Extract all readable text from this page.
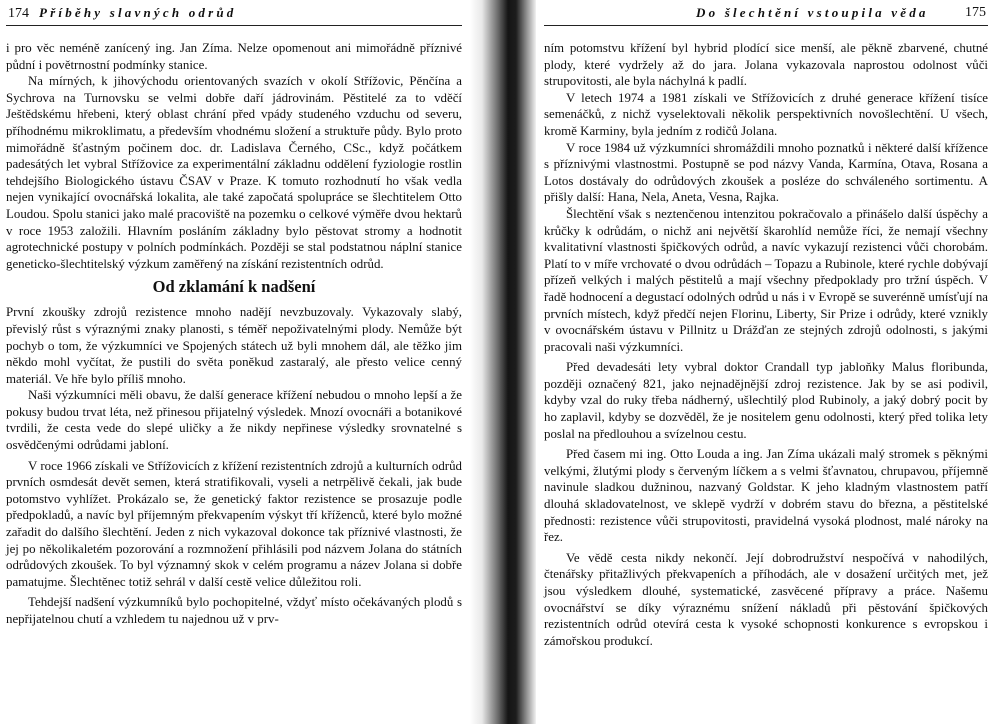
174 Příběhy slavných odrůd

i pro věc neméně zanícený ing. Jan Zíma. Nelze opomenout ani mimořádně příznivé půdní i povětrnostní podmínky stanice.

Na mírných, k jihovýchodu orientovaných svazích v okolí Střížovic, Pěnčína a Sychrova na Turnovsku se velmi dobře daří jádrovinám. Pěstitelé za to vděčí Ještědskému hřebeni, který oblast chrání před vpády studeného vzduchu od severu, příhodnému mikroklimatu, a především vhodnému složení a struktuře půdy. Bylo proto mimořádně šťastným počinem doc. dr. Ladislava Černého, CSc., když počátkem padesátých let vybral Střížovice za experimentální základnu oddělení fyziologie rostlin tehdejšího Biologického ústavu ČSAV v Praze. K tomuto rozhodnutí ho však vedla nejen vynikající ovocnářská lokalita, ale také započatá spolupráce se šlechtitelem Otto Loudou. Spolu stanici jako malé pracoviště na pozemku o celkové výměře dvou hektarů v roce 1953 založili. Hlavním posláním základny bylo pěstovat stromy a hodnotit agrotechnické postupy v polních podmínkách. Později se stal podstatnou náplní stanice geneticko-šlechtitelský výzkum zaměřený na získání rezistentních odrůd.

Od zklamání k nadšení

První zkoušky zdrojů rezistence mnoho nadějí nevzbuzovaly. Vykazovaly slabý, převislý růst s výraznými znaky planosti, s téměř nepoživatelnými plody. Nemůže být pochyb o tom, že výzkumníci ve Spojených státech už byli mnohem dál, ale těžko jim někdo mohl vyčítat, že pustili do světa poněkud zastaralý, ale přesto velice cenný materiál. Ve hře bylo příliš mnoho.

Naši výzkumníci měli obavu, že další generace křížení nebudou o mnoho lepší a že pokusy budou trvat léta, než přinesou přijatelný výsledek. Mnozí ovocnáři a botanikové tvrdili, že cesta vede do slepé uličky a že nikdy nepřinese výsledky srovnatelné s osvědčenými odrůdami jabloní.

V roce 1966 získali ve Střížovicích z křížení rezistentních zdrojů a kulturních odrůd prvních osmdesát devět semen, která stratifikovali, vyseli a netrpělivě čekali, jak bude potomstvo vyhlížet. Prokázalo se, že genetický faktor rezistence se prosazuje podle předpokladů, a navíc byl příjemným překvapením výskyt tří kříženců, které bylo možné zařadit do dalšího šlechtění. Jeden z nich vykazoval dokonce tak příznivé vlastnosti, že jej po několikaletém pozorování a rozmnožení přihlásili pod názvem Jolana do státních odrůdových zkoušek. To byl významný skok v celém programu a název Jolana si dobře pamatujme. Šlechtěnec totiž sehrál v další cestě velice důležitou roli.

Tehdejší nadšení výzkumníků bylo pochopitelné, vždyť místo očekávaných plodů s nepřijatelnou chutí a vzhledem tu najednou už v prv-

Do šlechtění vstoupila věda	175

ním potomstvu křížení byl hybrid plodící sice menší, ale pěkně zbarvené, chutné plody, které vydržely až do jara. Jolana vykazovala naprostou odolnost vůči strupovitosti, ale byla náchylná k padlí.

V letech 1974 a 1981 získali ve Střížovicích z druhé generace křížení tisíce semenáčků, z nichž vyselektovali několik perspektivních novošlechtění. U všech, kromě Karminy, byla jedním z rodičů Jolana.

V roce 1984 už výzkumníci shromáždili mnoho poznatků i některé další křížence s příznivými vlastnostmi. Postupně se pod názvy Vanda, Karmína, Otava, Rosana a Lotos dostávaly do odrůdových zkoušek a posléze do schváleného sortimentu. A přišly další: Hana, Nela, Aneta, Vesna, Rajka.

Šlechtění však s neztenčenou intenzitou pokračovalo a přinášelo další úspěchy a krůčky k odrůdám, o nichž ani největší škarohlíd nemůže říci, že nemají všechny kvalitativní vlastnosti špičkových odrůd, a navíc vykazují rezistenci vůči chorobám. Platí to v míře vrchovaté o dvou odrůdách – Topazu a Rubinole, které rychle dobývají přízeň velkých i malých pěstitelů a mají všechny předpoklady pro tržní úspěch. V řadě hodnocení a degustací odolných odrůd u nás i v Evropě se suverénně umísťují na prvních místech, když předčí nejen Florinu, Liberty, Sir Prize i odrůdy, které vznikly v ovocnářském ústavu v Pillnitz u Drážďan ze stejných zdrojů odolnosti, s jakými pracovali naši výzkumníci.

Před devadesáti lety vybral doktor Crandall typ jabloňky Malus floribunda, později označený 821, jako nejnadějnější zdroj rezistence. Jak by se asi podivil, kdyby vzal do ruky třeba nádherný, ušlechtilý plod Rubinoly, a jaký dobrý pocit by ho zaplavil, kdyby se dozvěděl, že je nositelem genu odolnosti, který před tolika lety poslal na předlouhou a svízelnou cestu.

Před časem mi ing. Otto Louda a ing. Jan Zíma ukázali malý stromek s pěknými velkými, žlutými plody s červeným líčkem a s velmi šťavnatou, chrupavou, příjemně navinule sladkou dužninou, nazvaný Goldstar. K jeho kladným vlastnostem patří dlouhá skladovatelnost, ve sklepě vydrží v dobrém stavu do března, a pěstitelské přednosti: rezistence vůči strupovitosti, pravidelná vysoká plodnost, malé nároky na řez.

Ve vědě cesta nikdy nekončí. Její dobrodružství nespočívá v nahodilých, čtenářsky přitažlivých překvapeních a příhodách, ale v dosažení určitých met, jež jsou výsledkem dlouhé, systematické, zasvěcené přípravy a práce. Našemu ovocnářství se díky výraznému snížení nákladů při pěstování špičkových rezistentních odrůd otevírá cesta k vysoké schopnosti konkurence s evropskou i zámořskou produkcí.
